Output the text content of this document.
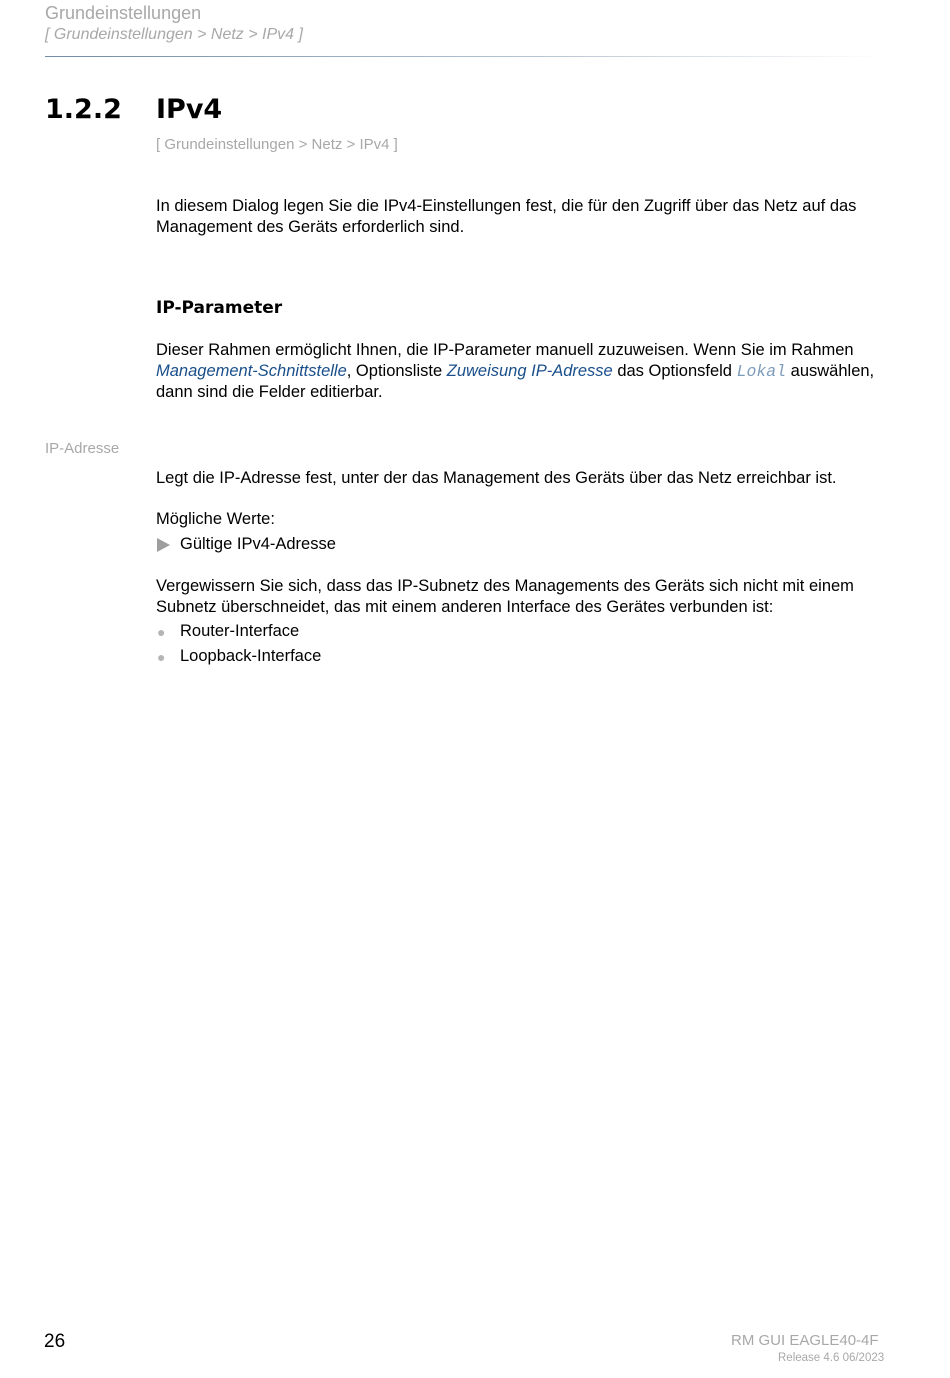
Grundeinstellungen
[ Grundeinstellungen > Netz > IPv4 ]
1.2.2 IPv4
[ Grundeinstellungen > Netz > IPv4 ]
In diesem Dialog legen Sie die IPv4-Einstellungen fest, die für den Zugriff über das Netz auf das Management des Geräts erforderlich sind.
IP-Parameter
Dieser Rahmen ermöglicht Ihnen, die IP-Parameter manuell zuzuweisen. Wenn Sie im Rahmen Management-Schnittstelle, Optionsliste Zuweisung IP-Adresse das Optionsfeld Lokal auswählen, dann sind die Felder editierbar.
IP-Adresse
Legt die IP-Adresse fest, unter der das Management des Geräts über das Netz erreichbar ist.
Mögliche Werte:
Gültige IPv4-Adresse
Vergewissern Sie sich, dass das IP-Subnetz des Managements des Geräts sich nicht mit einem Subnetz überschneidet, das mit einem anderen Interface des Gerätes verbunden ist:
● Router-Interface
● Loopback-Interface
26	RM GUI EAGLE40-4F
Release 4.6 06/2023
